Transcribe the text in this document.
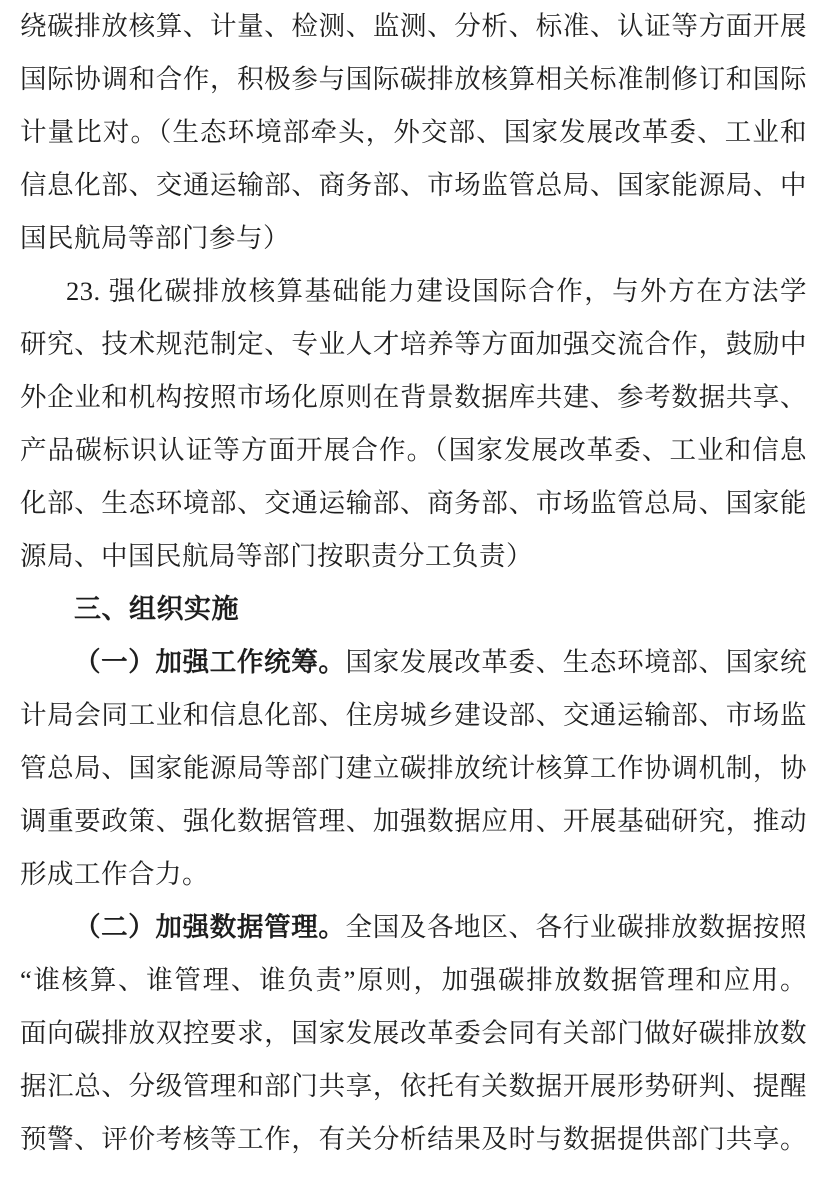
绕碳排放核算、计量、检测、监测、分析、标准、认证等方面开展
国际协调和合作，积极参与国际碳排放核算相关标准制修订和国际
计量比对。（生态环境部牵头，外交部、国家发展改革委、工业和
信息化部、交通运输部、商务部、市场监管总局、国家能源局、中
国民航局等部门参与）
23. 强化碳排放核算基础能力建设国际合作，与外方在方法学
研究、技术规范制定、专业人才培养等方面加强交流合作，鼓励中
外企业和机构按照市场化原则在背景数据库共建、参考数据共享、
产品碳标识认证等方面开展合作。（国家发展改革委、工业和信息
化部、生态环境部、交通运输部、商务部、市场监管总局、国家能
源局、中国民航局等部门按职责分工负责）
三、组织实施
（一）加强工作统筹。国家发展改革委、生态环境部、国家统
计局会同工业和信息化部、住房城乡建设部、交通运输部、市场监
管总局、国家能源局等部门建立碳排放统计核算工作协调机制，协
调重要政策、强化数据管理、加强数据应用、开展基础研究，推动
形成工作合力。
（二）加强数据管理。全国及各地区、各行业碳排放数据按照
“谁核算、谁管理、谁负责”原则，加强碳排放数据管理和应用。
面向碳排放双控要求，国家发展改革委会同有关部门做好碳排放数
据汇总、分级管理和部门共享，依托有关数据开展形势研判、提醒
预警、评价考核等工作，有关分析结果及时与数据提供部门共享。
